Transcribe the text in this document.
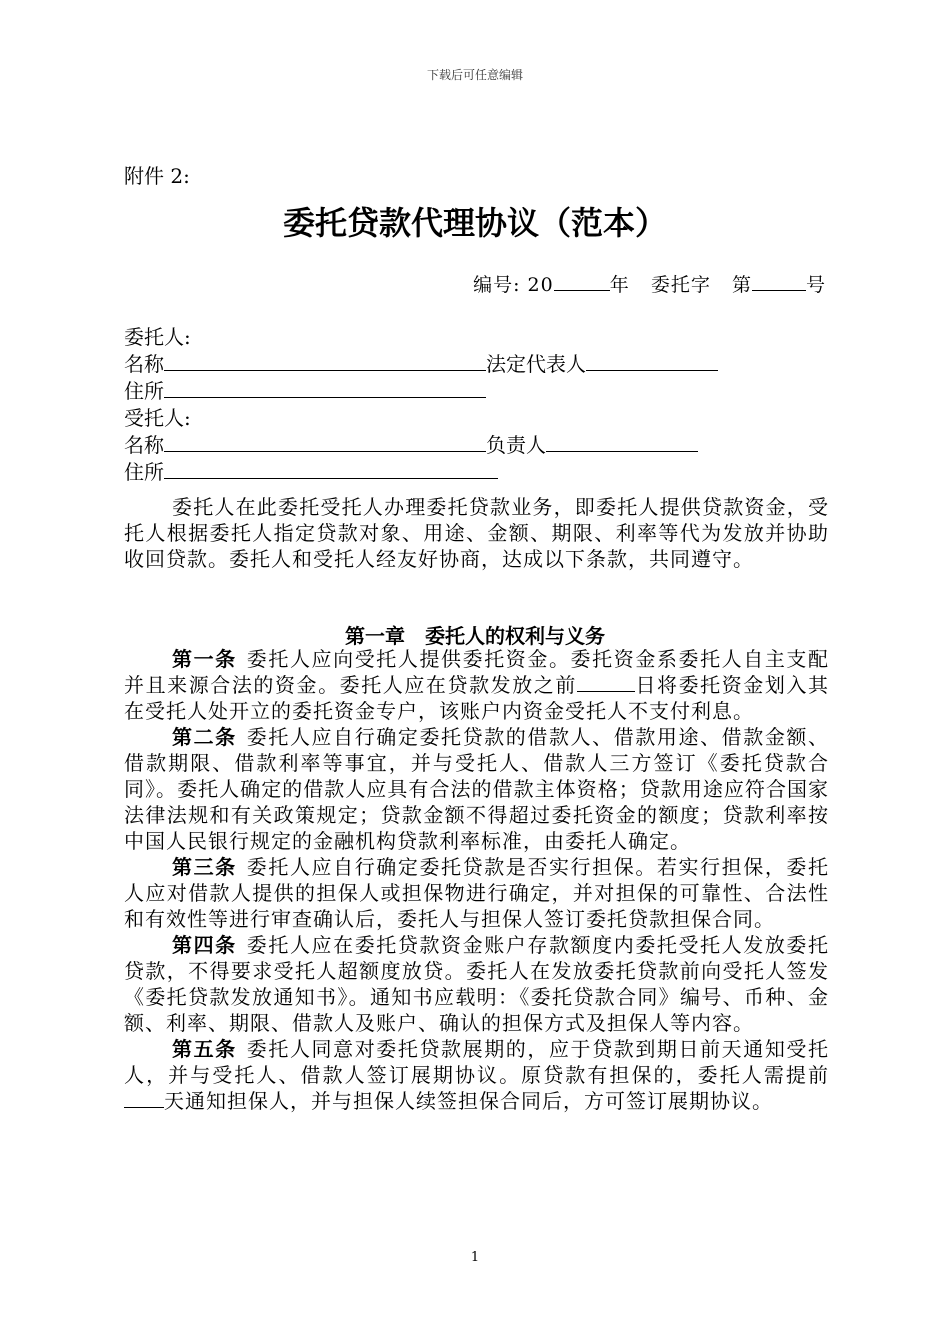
下载后可任意编辑
附件 2:
委托贷款代理协议（范本）
编号: 20	年 委托字 第	号
委托人:
名称	法定代表人
住所
受托人:
名称	负责人
住所
委托人在此委托受托人办理委托贷款业务，即委托人提供贷款资金，受托人根据委托人指定贷款对象、用途、金额、期限、利率等代为发放并协助收回贷款。委托人和受托人经友好协商，达成以下条款，共同遵守。
第一章　委托人的权利与义务
第一条 委托人应向受托人提供委托资金。委托资金系委托人自主支配并且来源合法的资金。委托人应在贷款发放之前	日将委托资金划入其在受托人处开立的委托资金专户，该账户内资金受托人不支付利息。
第二条 委托人应自行确定委托贷款的借款人、借款用途、借款金额、借款期限、借款利率等事宜，并与受托人、借款人三方签订《委托贷款合同》。委托人确定的借款人应具有合法的借款主体资格；贷款用途应符合国家法律法规和有关政策规定；贷款金额不得超过委托资金的额度；贷款利率按中国人民银行规定的金融机构贷款利率标准，由委托人确定。
第三条 委托人应自行确定委托贷款是否实行担保。若实行担保，委托人应对借款人提供的担保人或担保物进行确定，并对担保的可靠性、合法性和有效性等进行审查确认后，委托人与担保人签订委托贷款担保合同。
第四条 委托人应在委托贷款资金账户存款额度内委托受托人发放委托贷款，不得要求受托人超额度放贷。委托人在发放委托贷款前向受托人签发《委托贷款发放通知书》。通知书应载明：《委托贷款合同》编号、币种、金额、利率、期限、借款人及账户、确认的担保方式及担保人等内容。
第五条 委托人同意对委托贷款展期的，应于贷款到期日前天通知受托人，并与受托人、借款人签订展期协议。原贷款有担保的，委托人需提前天通知担保人，并与担保人续签担保合同后，方可签订展期协议。
1
